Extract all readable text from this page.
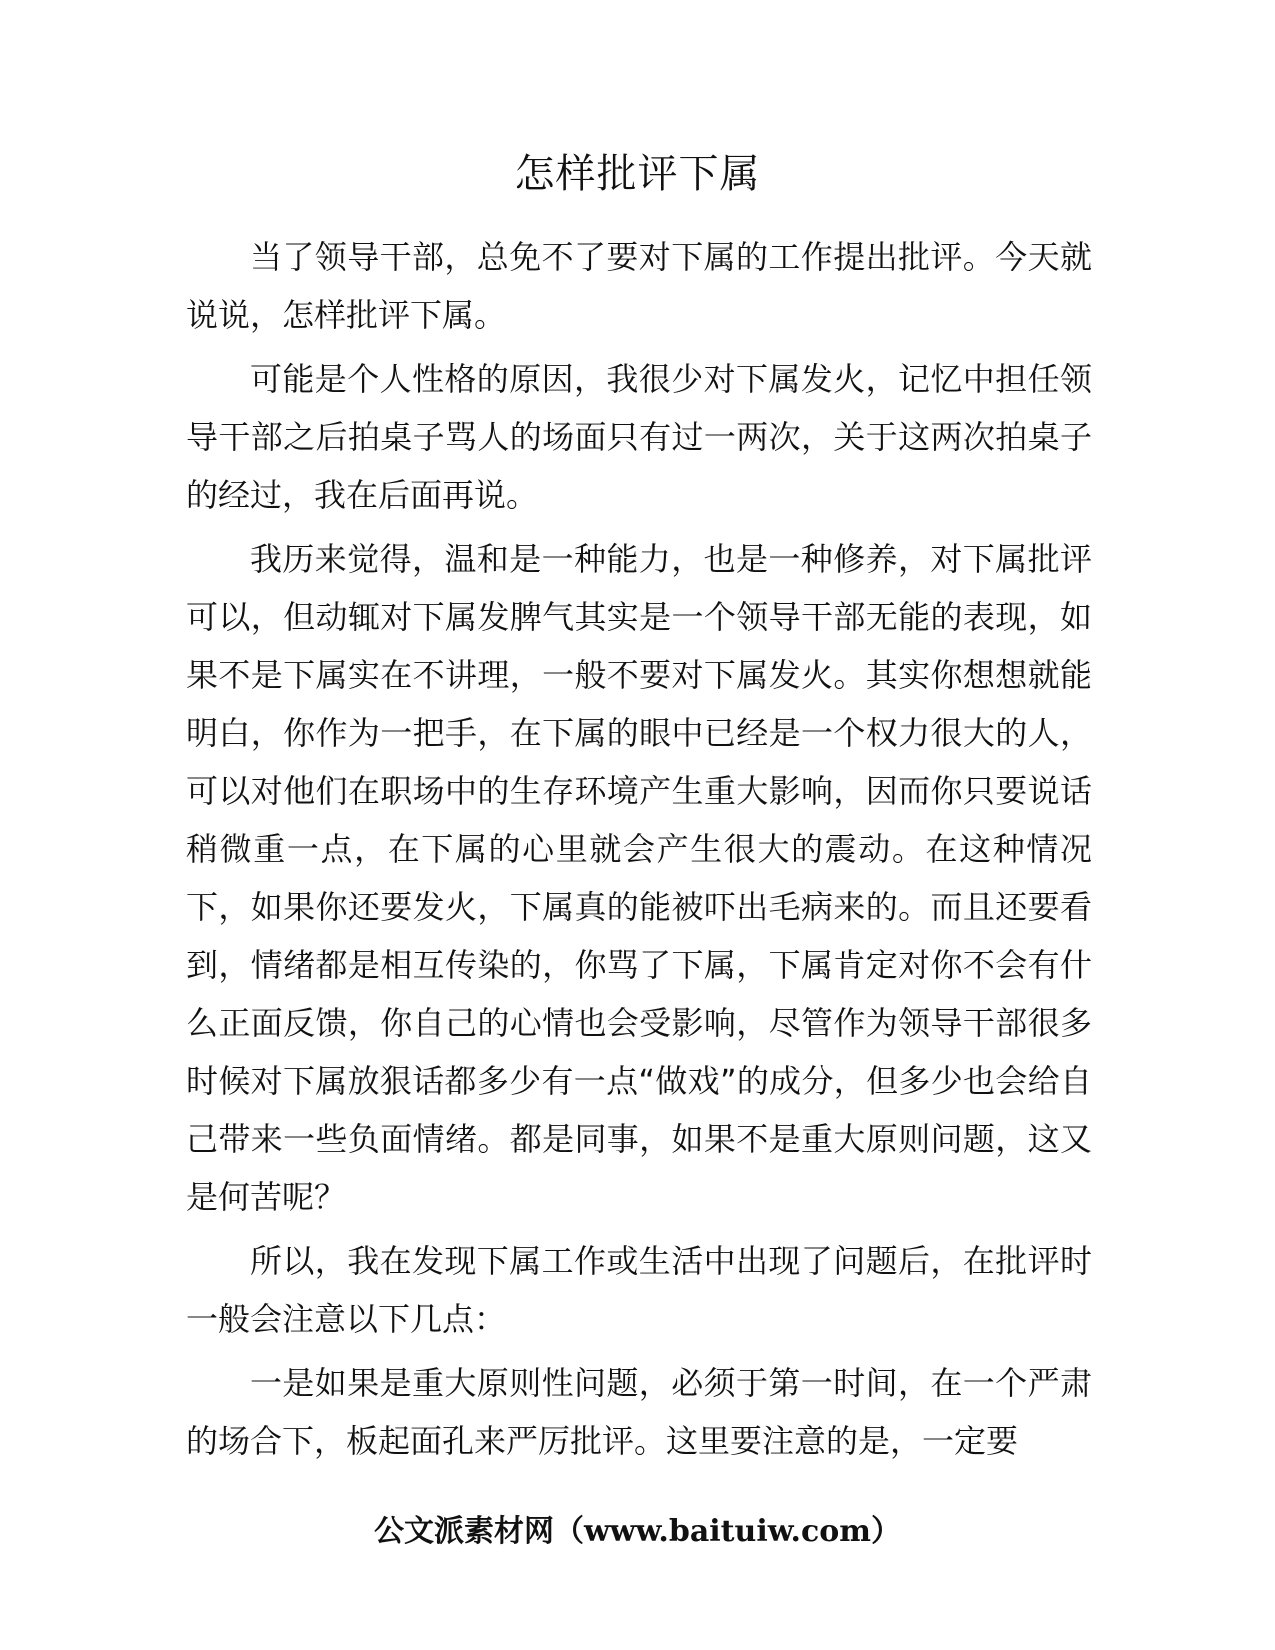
怎样批评下属

当了领导干部，总免不了要对下属的工作提出批评。今天就说说，怎样批评下属。

可能是个人性格的原因，我很少对下属发火，记忆中担任领导干部之后拍桌子骂人的场面只有过一两次，关于这两次拍桌子的经过，我在后面再说。

我历来觉得，温和是一种能力，也是一种修养，对下属批评可以，但动辄对下属发脾气其实是一个领导干部无能的表现，如果不是下属实在不讲理，一般不要对下属发火。其实你想想就能明白，你作为一把手，在下属的眼中已经是一个权力很大的人，可以对他们在职场中的生存环境产生重大影响，因而你只要说话稍微重一点，在下属的心里就会产生很大的震动。在这种情况下，如果你还要发火，下属真的能被吓出毛病来的。而且还要看到，情绪都是相互传染的，你骂了下属，下属肯定对你不会有什么正面反馈，你自己的心情也会受影响，尽管作为领导干部很多时候对下属放狠话都多少有一点“做戏”的成分，但多少也会给自己带来一些负面情绪。都是同事，如果不是重大原则问题，这又是何苦呢？

所以，我在发现下属工作或生活中出现了问题后，在批评时一般会注意以下几点：

一是如果是重大原则性问题，必须于第一时间，在一个严肃的场合下，板起面孔来严厉批评。这里要注意的是，一定要

公文派素材网（www.baituiw.com）
